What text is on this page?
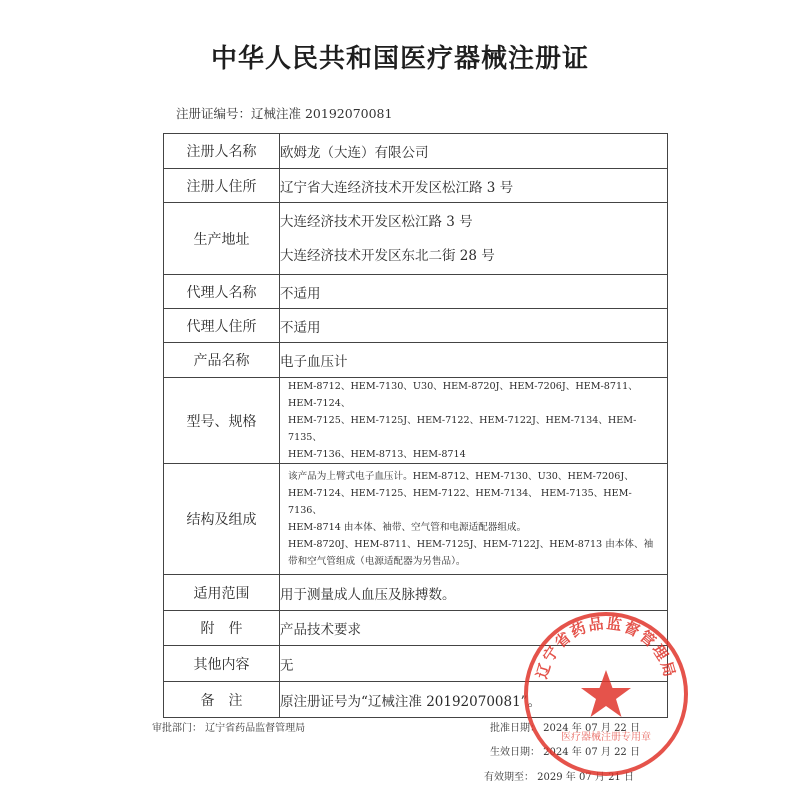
中华人民共和国医疗器械注册证
注册证编号：辽械注准 20192070081
注册人名称	欧姆龙（大连）有限公司
注册人住所	辽宁省大连经济技术开发区松江路 3 号
生产地址	大连经济技术开发区松江路 3 号
大连经济技术开发区东北二街 28 号

代理人名称	不适用
代理人住所	不适用
产品名称	电子血压计
型号、规格	HEM-8712、HEM-7130、U30、HEM-8720J、HEM-7206J、HEM-8711、HEM-7124、
HEM-7125、HEM-7125J、HEM-7122、HEM-7122J、HEM-7134、HEM-7135、
HEM-7136、HEM-8713、HEM-8714

结构及组成	该产品为上臂式电子血压计。HEM-8712、HEM-7130、U30、HEM-7206J、
HEM-7124、HEM-7125、HEM-7122、HEM-7134、 HEM-7135、HEM-7136、
HEM-8714 由本体、袖带、空气管和电源适配器组成。
HEM-8720J、HEM-8711、HEM-7125J、HEM-7122J、HEM-8713 由本体、袖
带和空气管组成（电源适配器为另售品）。

适用范围	用于测量成人血压及脉搏数。
附　件	产品技术要求
其他内容	无
备　注	原注册证号为“辽械注准 20192070081”。
审批部门： 辽宁省药品监督管理局	批准日期： 2024 年 07 月 22 日
生效日期： 2024 年 07 月 22 日
有效期至： 2029 年 07 月 21 日
辽宁省药品监督管理局
医疗器械注册专用章
